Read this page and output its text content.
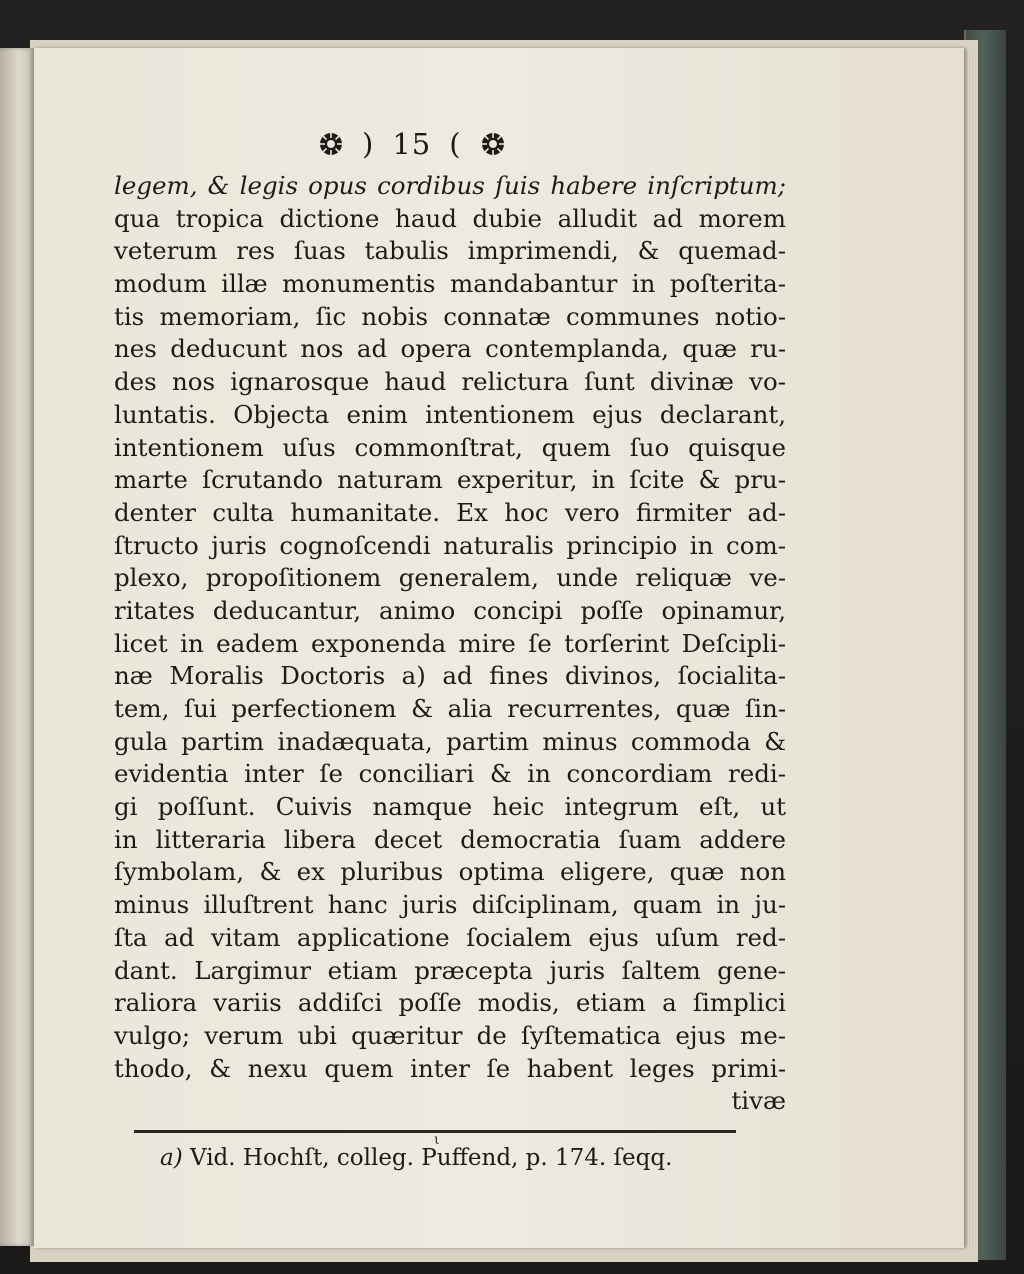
) 15 (
legem, & legis opus cordibus ſuis habere inſcriptum;
qua tropica dictione haud dubie alludit ad morem
veterum res ſuas tabulis imprimendi, & quemad-
modum illæ monumentis mandabantur in poſterita-
tis memoriam, ſic nobis connatæ communes notio-
nes deducunt nos ad opera contemplanda, quæ ru-
des nos ignarosque haud relictura ſunt divinæ vo-
luntatis. Objecta enim intentionem ejus declarant,
intentionem uſus commonſtrat, quem ſuo quisque
marte ſcrutando naturam experitur, in ſcite & pru-
denter culta humanitate. Ex hoc vero firmiter ad-
ſtructo juris cognoſcendi naturalis principio in com-
plexo, propoſitionem generalem, unde reliquæ ve-
ritates deducantur, animo concipi poſſe opinamur,
licet in eadem exponenda mire ſe torſerint Deſcipli-
næ Moralis Doctoris a) ad fines divinos, ſocialita-
tem, ſui perfectionem & alia recurrentes, quæ ſin-
gula partim inadæquata, partim minus commoda &
evidentia inter ſe conciliari & in concordiam redi-
gi poſſunt. Cuivis namque heic integrum eſt, ut
in litteraria libera decet democratia ſuam addere
ſymbolam, & ex pluribus optima eligere, quæ non
minus illuſtrent hanc juris diſciplinam, quam in ju-
ſta ad vitam applicatione ſocialem ejus uſum red-
dant. Largimur etiam præcepta juris ſaltem gene-
raliora variis addiſci poſſe modis, etiam a ſimplici
vulgo; verum ubi quæritur de ſyſtematica ejus me-
thodo, & nexu quem inter ſe habent leges primi-
tivæ
a) Vid. Hochſt, colleg. Puffend, p. 174. ſeqq.
ι
